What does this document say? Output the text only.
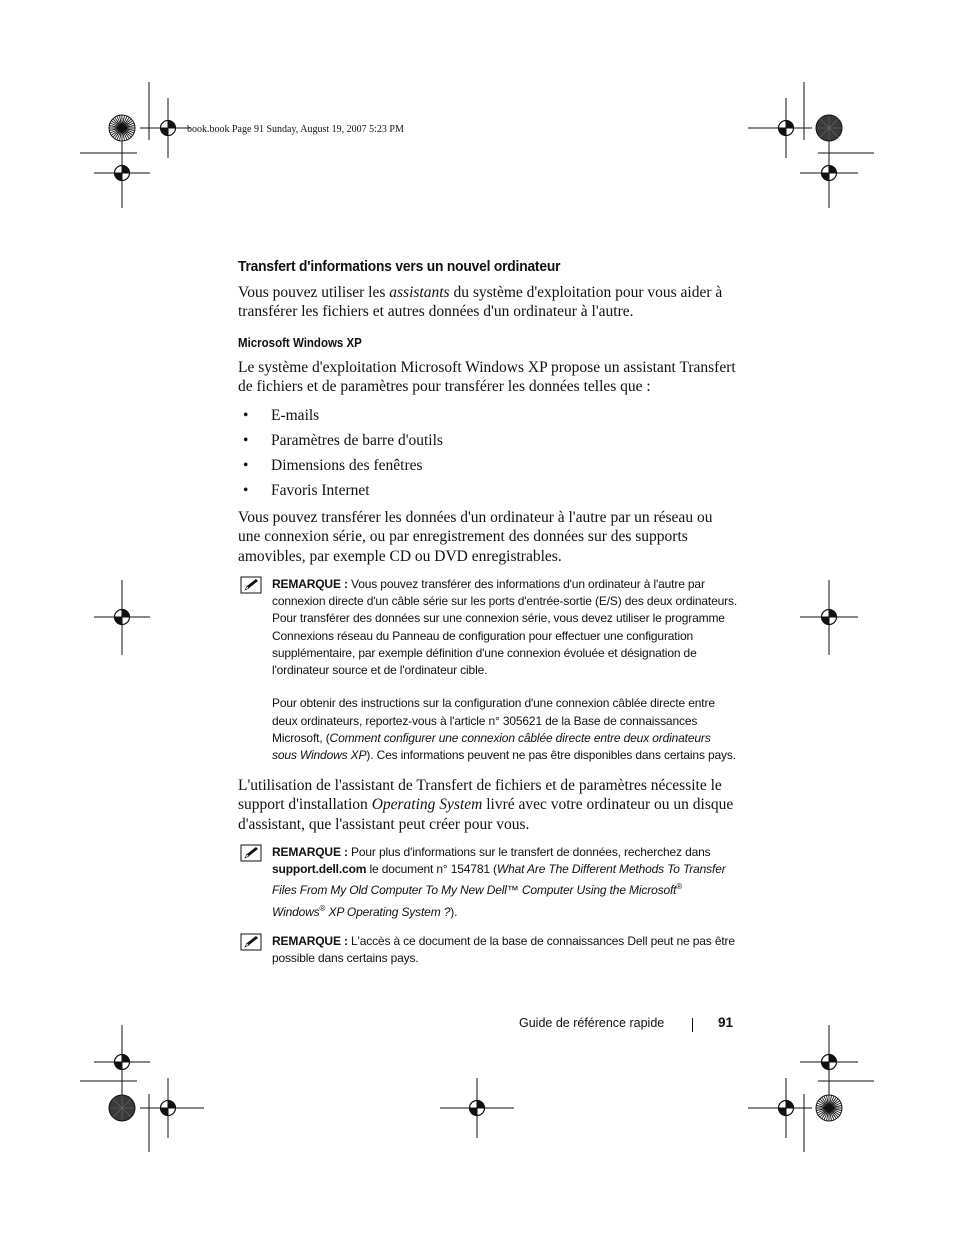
book.book Page 91 Sunday, August 19, 2007 5:23 PM
Transfert d'informations vers un nouvel ordinateur

Vous pouvez utiliser les assistants du système d'exploitation pour vous aider à transférer les fichiers et autres données d'un ordinateur à l'autre.

Microsoft Windows XP

Le système d'exploitation Microsoft Windows XP propose un assistant Transfert de fichiers et de paramètres pour transférer les données telles que :

• E-mails
• Paramètres de barre d'outils
• Dimensions des fenêtres
• Favoris Internet

Vous pouvez transférer les données d'un ordinateur à l'autre par un réseau ou une connexion série, ou par enregistrement des données sur des supports amovibles, par exemple CD ou DVD enregistrables.

REMARQUE : Vous pouvez transférer des informations d'un ordinateur à l'autre par connexion directe d'un câble série sur les ports d'entrée-sortie (E/S) des deux ordinateurs. Pour transférer des données sur une connexion série, vous devez utiliser le programme Connexions réseau du Panneau de configuration pour effectuer une configuration supplémentaire, par exemple définition d'une connexion évoluée et désignation de l'ordinateur source et de l'ordinateur cible.

Pour obtenir des instructions sur la configuration d'une connexion câblée directe entre deux ordinateurs, reportez-vous à l'article n° 305621 de la Base de connaissances Microsoft, (Comment configurer une connexion câblée directe entre deux ordinateurs sous Windows XP). Ces informations peuvent ne pas être disponibles dans certains pays.

L'utilisation de l'assistant de Transfert de fichiers et de paramètres nécessite le support d'installation Operating System livré avec votre ordinateur ou un disque d'assistant, que l'assistant peut créer pour vous.

REMARQUE : Pour plus d'informations sur le transfert de données, recherchez dans support.dell.com le document n° 154781 (What Are The Different Methods To Transfer Files From My Old Computer To My New Dell™ Computer Using the Microsoft® Windows® XP Operating System ?).

REMARQUE : L'accès à ce document de la base de connaissances Dell peut ne pas être possible dans certains pays.

Guide de référence rapide	91
